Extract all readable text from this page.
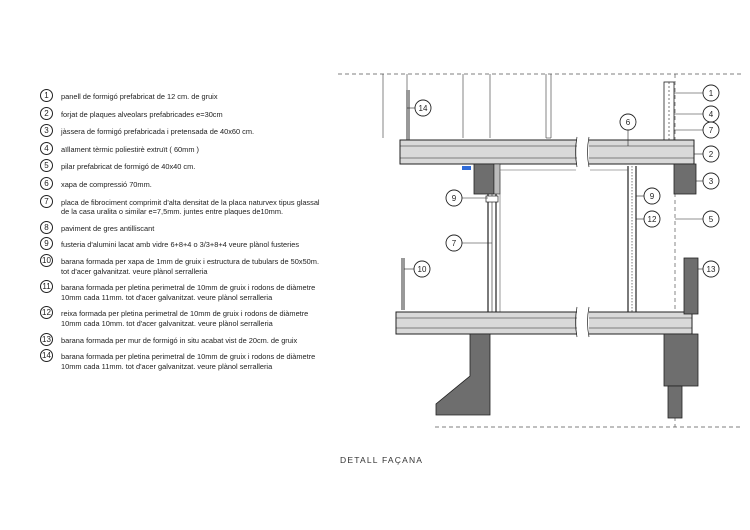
1	panell de formigó prefabricat de 12 cm. de gruix
2	forjat de plaques alveolars prefabricades e=30cm
3	jàssera de formigó prefabricada i pretensada de 40x60 cm.
4	aïllament tèrmic poliestirè extruït ( 60mm )
5	pilar prefabricat de formigó de 40x40 cm.
6	xapa de compressió 70mm.
7	placa de fibrociment comprimit d'alta densitat de la placa naturvex tipus glassal de la casa uralita o similar e=7,5mm. juntes entre plaques de10mm.
8	paviment de gres antilliscant
9	fusteria d'alumini lacat amb vidre 6+8+4 o 3/3+8+4 veure plànol fusteries
10 barana formada per xapa de 1mm de gruix i estructura de tubulars de 50x50m. tot d'acer galvanitzat. veure plànol serralleria
11	barana formada per pletina perimetral de 10mm de gruix i rodons de diàmetre 10mm cada 11mm. tot d'acer galvanitzat. veure plànol serralleria
12 reixa formada per pletina perimetral de 10mm de gruix i rodons de diàmetre 10mm cada 10mm. tot d'acer galvanitzat. veure plànol serralleria
13 barana formada per mur de formigó in situ acabat vist de 20cm. de gruix
14 barana formada per pletina perimetral de 10mm de gruix i rodons de diàmetre 10mm cada 11mm. tot d'acer galvanitzat. veure plànol serralleria
14
6
1
4
7
2
3
9	9
12	5
7
10	13
DETALL FAÇANA
